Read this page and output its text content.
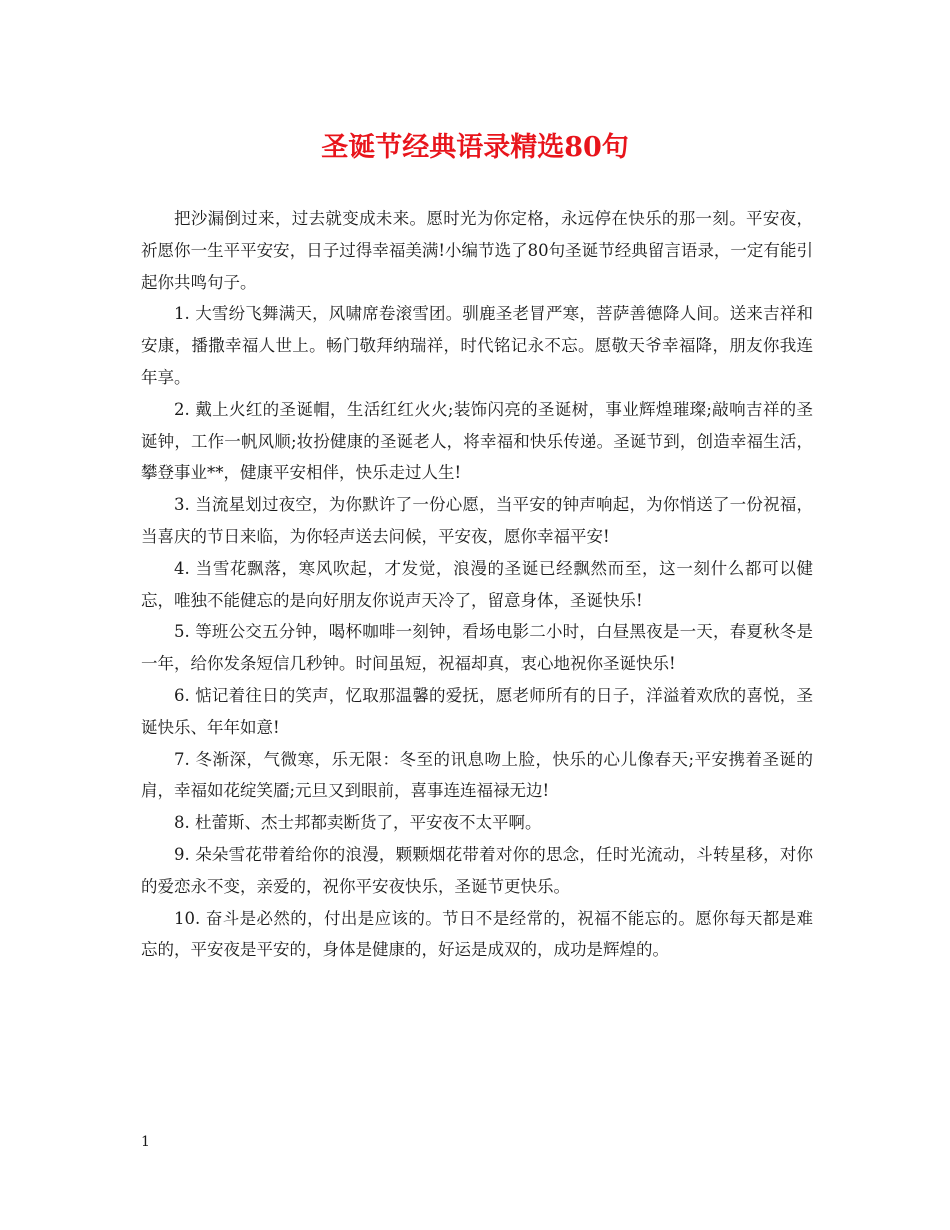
圣诞节经典语录精选80句

把沙漏倒过来，过去就变成未来。愿时光为你定格，永远停在快乐的那一刻。平安夜，祈愿你一生平平安安，日子过得幸福美满!小编节选了80句圣诞节经典留言语录，一定有能引起你共鸣句子。

1. 大雪纷飞舞满天，风啸席卷滚雪团。驯鹿圣老冒严寒，菩萨善德降人间。送来吉祥和安康，播撒幸福人世上。畅门敬拜纳瑞祥，时代铭记永不忘。愿敬天爷幸福降，朋友你我连年享。

2. 戴上火红的圣诞帽，生活红红火火;装饰闪亮的圣诞树，事业辉煌璀璨;敲响吉祥的圣诞钟，工作一帆风顺;妆扮健康的圣诞老人，将幸福和快乐传递。圣诞节到，创造幸福生活，攀登事业**，健康平安相伴，快乐走过人生!

3. 当流星划过夜空，为你默许了一份心愿，当平安的钟声响起，为你悄送了一份祝福，当喜庆的节日来临，为你轻声送去问候，平安夜，愿你幸福平安!

4. 当雪花飘落，寒风吹起，才发觉，浪漫的圣诞已经飘然而至，这一刻什么都可以健忘，唯独不能健忘的是向好朋友你说声天冷了，留意身体，圣诞快乐!

5. 等班公交五分钟，喝杯咖啡一刻钟，看场电影二小时，白昼黑夜是一天，春夏秋冬是一年，给你发条短信几秒钟。时间虽短，祝福却真，衷心地祝你圣诞快乐!

6. 惦记着往日的笑声，忆取那温馨的爱抚，愿老师所有的日子，洋溢着欢欣的喜悦，圣诞快乐、年年如意!

7. 冬渐深，气微寒，乐无限：冬至的讯息吻上脸，快乐的心儿像春天;平安携着圣诞的肩，幸福如花绽笑靥;元旦又到眼前，喜事连连福禄无边!

8. 杜蕾斯、杰士邦都卖断货了，平安夜不太平啊。

9. 朵朵雪花带着给你的浪漫，颗颗烟花带着对你的思念，任时光流动，斗转星移，对你的爱恋永不变，亲爱的，祝你平安夜快乐，圣诞节更快乐。

10. 奋斗是必然的，付出是应该的。节日不是经常的，祝福不能忘的。愿你每天都是难忘的，平安夜是平安的，身体是健康的，好运是成双的，成功是辉煌的。

1
